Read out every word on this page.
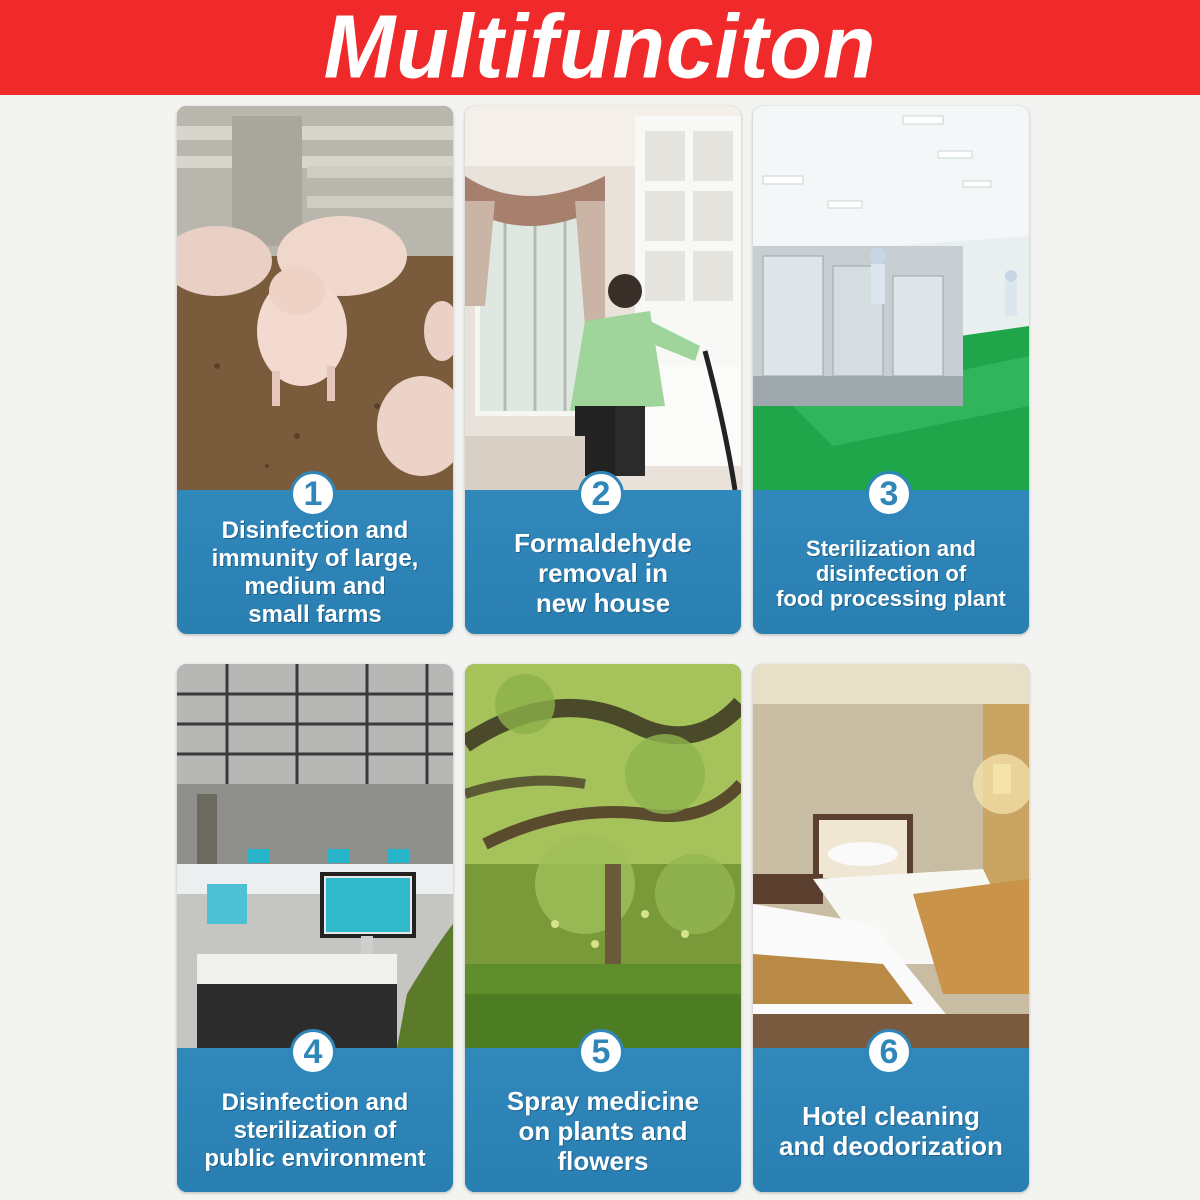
Multifunciton
1
Disinfection and
immunity of large,
medium and
small farms
2
Formaldehyde
removal in
new house
3
Sterilization and
disinfection of
food processing plant
4
Disinfection and
sterilization of
public environment
5
Spray medicine
on plants and
flowers
6
Hotel cleaning
and deodorization
